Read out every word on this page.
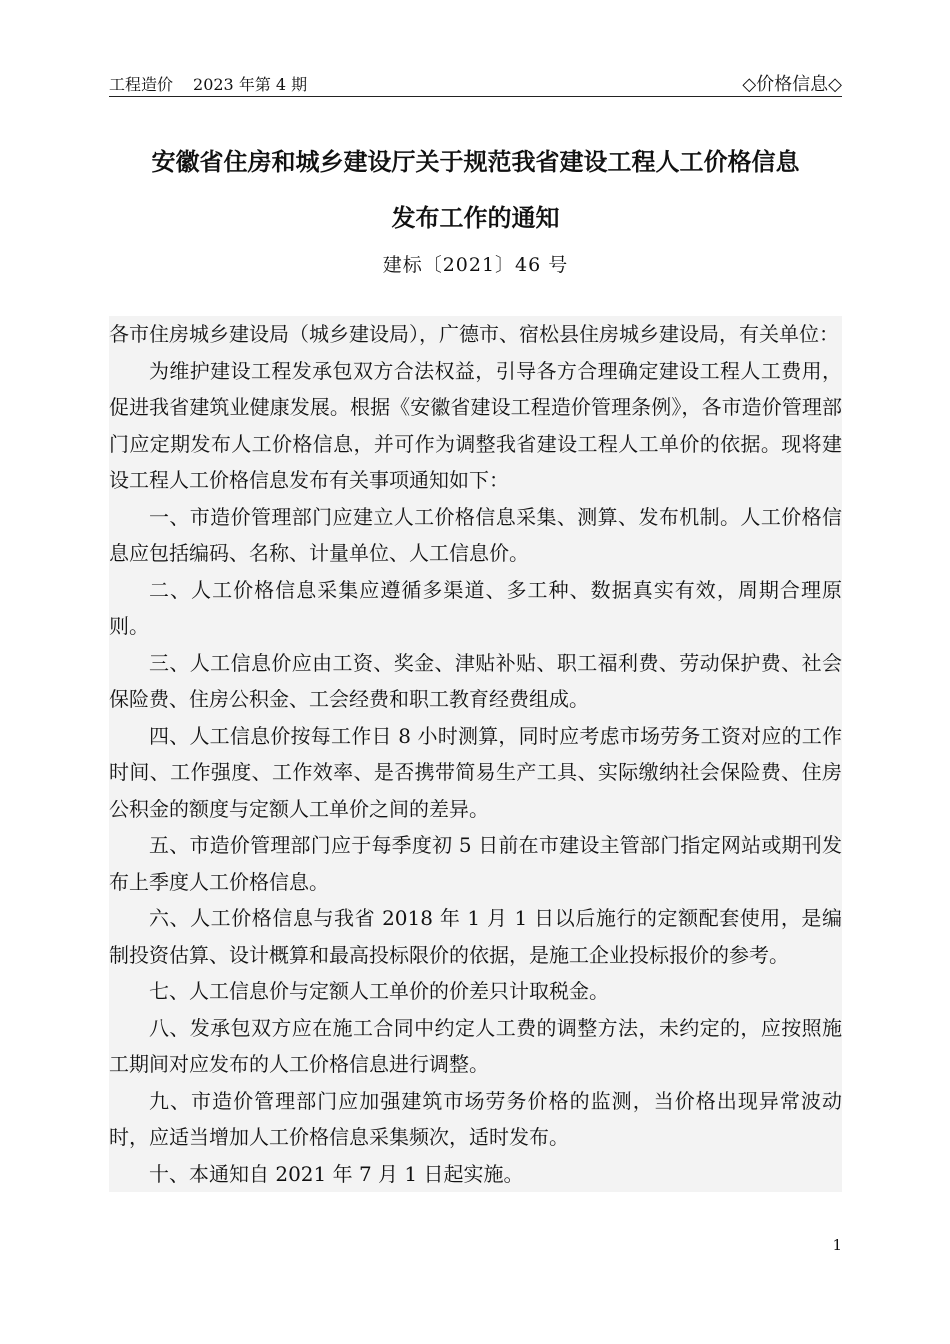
工程造价 2023 年第 4 期	◇价格信息◇
安徽省住房和城乡建设厅关于规范我省建设工程人工价格信息
发布工作的通知
建标〔2021〕46 号

各市住房城乡建设局（城乡建设局），广德市、宿松县住房城乡建设局，有关单位：

为维护建设工程发承包双方合法权益，引导各方合理确定建设工程人工费用，促进我省建筑业健康发展。根据《安徽省建设工程造价管理条例》，各市造价管理部门应定期发布人工价格信息，并可作为调整我省建设工程人工单价的依据。现将建设工程人工价格信息发布有关事项通知如下：

一、市造价管理部门应建立人工价格信息采集、测算、发布机制。人工价格信息应包括编码、名称、计量单位、人工信息价。

二、人工价格信息采集应遵循多渠道、多工种、数据真实有效，周期合理原则。

三、人工信息价应由工资、奖金、津贴补贴、职工福利费、劳动保护费、社会保险费、住房公积金、工会经费和职工教育经费组成。

四、人工信息价按每工作日 8 小时测算，同时应考虑市场劳务工资对应的工作时间、工作强度、工作效率、是否携带简易生产工具、实际缴纳社会保险费、住房公积金的额度与定额人工单价之间的差异。

五、市造价管理部门应于每季度初 5 日前在市建设主管部门指定网站或期刊发布上季度人工价格信息。

六、人工价格信息与我省 2018 年 1 月 1 日以后施行的定额配套使用，是编制投资估算、设计概算和最高投标限价的依据，是施工企业投标报价的参考。

七、人工信息价与定额人工单价的价差只计取税金。

八、发承包双方应在施工合同中约定人工费的调整方法，未约定的，应按照施工期间对应发布的人工价格信息进行调整。

九、市造价管理部门应加强建筑市场劳务价格的监测，当价格出现异常波动时，应适当增加人工价格信息采集频次，适时发布。

十、本通知自 2021 年 7 月 1 日起实施。

1
